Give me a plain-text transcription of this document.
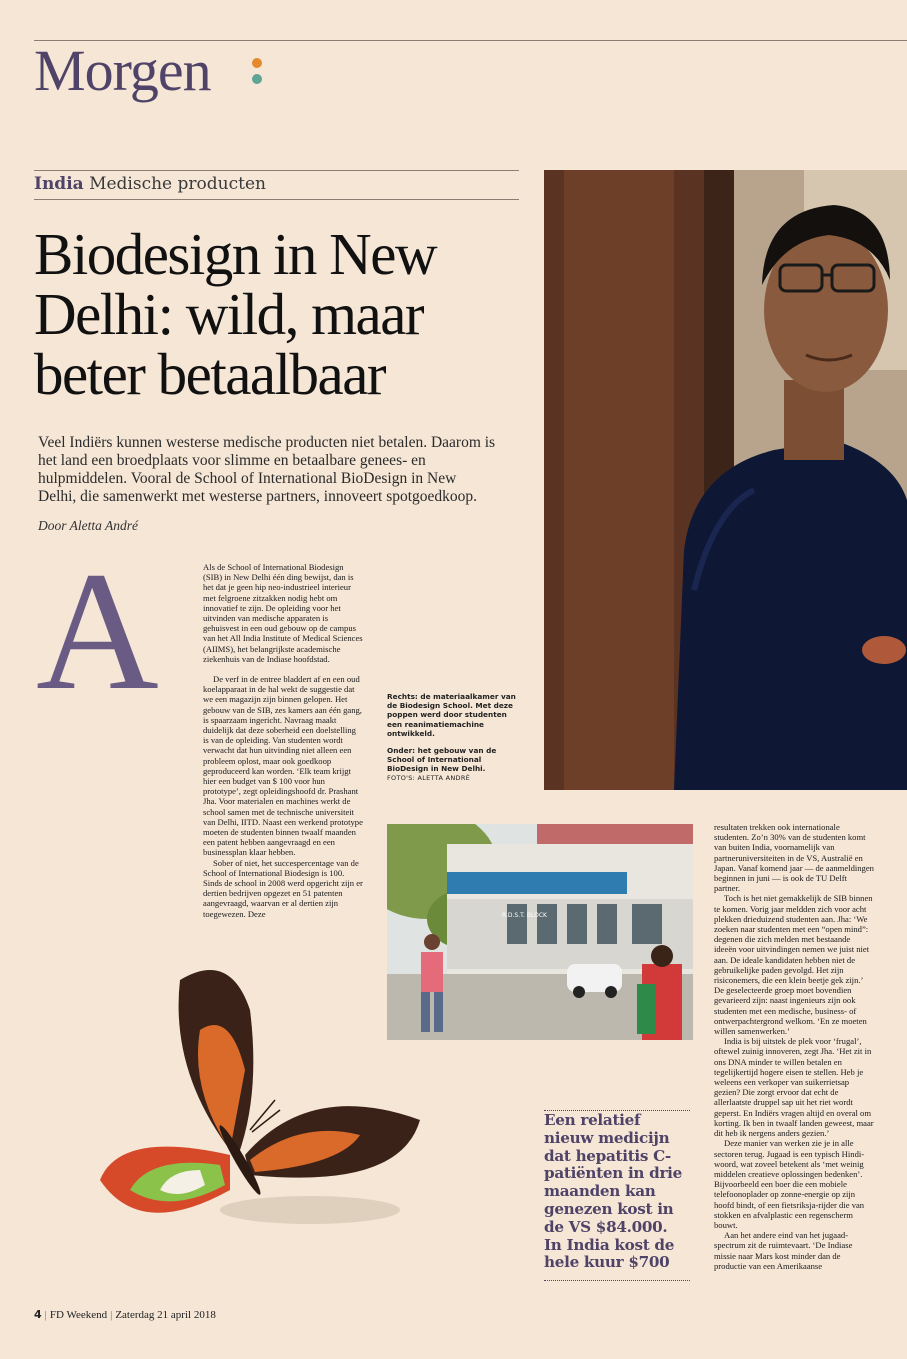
Morgen
India Medische producten
Biodesign in New Delhi: wild, maar beter betaalbaar
Veel Indiërs kunnen westerse medische producten niet betalen. Daarom is het land een broedplaats voor slimme en betaalbare genees- en hulpmiddelen. Vooral de School of International BioDesign in New Delhi, die samenwerkt met westerse partners, innoveert spotgoedkoop.
Door Aletta André
A	Als de School of International Biodesign (SIB) in New Delhi één ding bewijst, dan is het dat je geen hip neo-industrieel interieur met felgroene zitzakken nodig hebt om innovatief te zijn. De opleiding voor het uitvinden van medische apparaten is gehuisvest in een oud gebouw op de campus van het All India Institute of Medical Sciences (AIIMS), het belangrijkste academische ziekenhuis van de Indiase hoofdstad.

De verf in de entree bladdert af en een oud koelapparaat in de hal wekt de suggestie dat we een magazijn zijn binnen gelopen. Het gebouw van de SIB, zes kamers aan één gang, is spaarzaam ingericht. Navraag maakt duidelijk dat deze soberheid een doelstelling is van de opleiding. Van studenten wordt verwacht dat hun uitvinding niet alleen een probleem oplost, maar ook goedkoop geproduceerd kan worden. ‘Elk team krijgt hier een budget van $ 100 voor hun prototype’, zegt opleidingshoofd dr. Prashant Jha. Voor materialen en machines werkt de school samen met de technische universiteit van Delhi, IITD. Naast een werkend prototype moeten de studenten binnen twaalf maanden een patent hebben aangevraagd en een businessplan klaar hebben.

Sober of niet, het succespercentage van de School of International Biodesign is 100. Sinds de school in 2008 werd opgericht zijn er dertien bedrijven opgezet en 51 patenten aangevraagd, waarvan er al dertien zijn toegewezen. Deze

Rechts: de materiaalkamer van de Biodesign School. Met deze poppen werd door studenten een reanimatiemachine ontwikkeld.
Onder: het gebouw van de School of International BioDesign in New Delhi.
FOTO'S: ALETTA ANDRÉ
R.D.S.T. BLOCK

resultaten trekken ook internationale studenten. Zo’n 30% van de studenten komt van buiten India, voornamelijk van partneruniversiteiten in de VS, Australië en Japan. Vanaf komend jaar — de aanmeldingen beginnen in juni — is ook de TU Delft partner.

Toch is het niet gemakkelijk de SIB binnen te komen. Vorig jaar meldden zich voor acht plekken drieduizend studenten aan. Jha: ‘We zoeken naar studenten met een “open mind”: degenen die zich melden met bestaande ideeën voor uitvindingen nemen we juist niet aan. De ideale kandidaten hebben niet de gebruikelijke paden gevolgd. Het zijn risiconemers, die een klein beetje gek zijn.’ De geselecteerde groep moet bovendien gevarieerd zijn: naast ingenieurs zijn ook studenten met een medische, business- of ontwerpachtergrond welkom. ‘En ze moeten willen samenwerken.’

India is bij uitstek de plek voor ‘frugal’, oftewel zuinig innoveren, zegt Jha. ‘Het zit in ons DNA minder te willen betalen en tegelijkertijd hogere eisen te stellen. Heb je weleens een verkoper van suikerrietsap gezien? Die zorgt ervoor dat echt de allerlaatste druppel sap uit het riet wordt geperst. En Indiërs vragen altijd en overal om korting. Ik ben in twaalf landen geweest, maar dit heb ik nergens anders gezien.’

Deze manier van werken zie je in alle sectoren terug. Jugaad is een typisch Hindi-woord, wat zoveel betekent als ‘met weinig middelen creatieve oplossingen bedenken’. Bijvoorbeeld een boer die een mobiele telefoonoplader op zonne-energie op zijn hoofd bindt, of een fietsriksja-rijder die van stokken en afvalplastic een regenscherm bouwt.

Aan het andere eind van het jugaad-spectrum zit de ruimtevaart. ‘De Indiase missie naar Mars kost minder dan de productie van een Amerikaanse

Een relatief nieuw medicijn dat hepatitis C-patiënten in drie maanden kan genezen kost in de VS $84.000. In India kost de hele kuur $700
4 | FD Weekend | Zaterdag 21 april 2018
